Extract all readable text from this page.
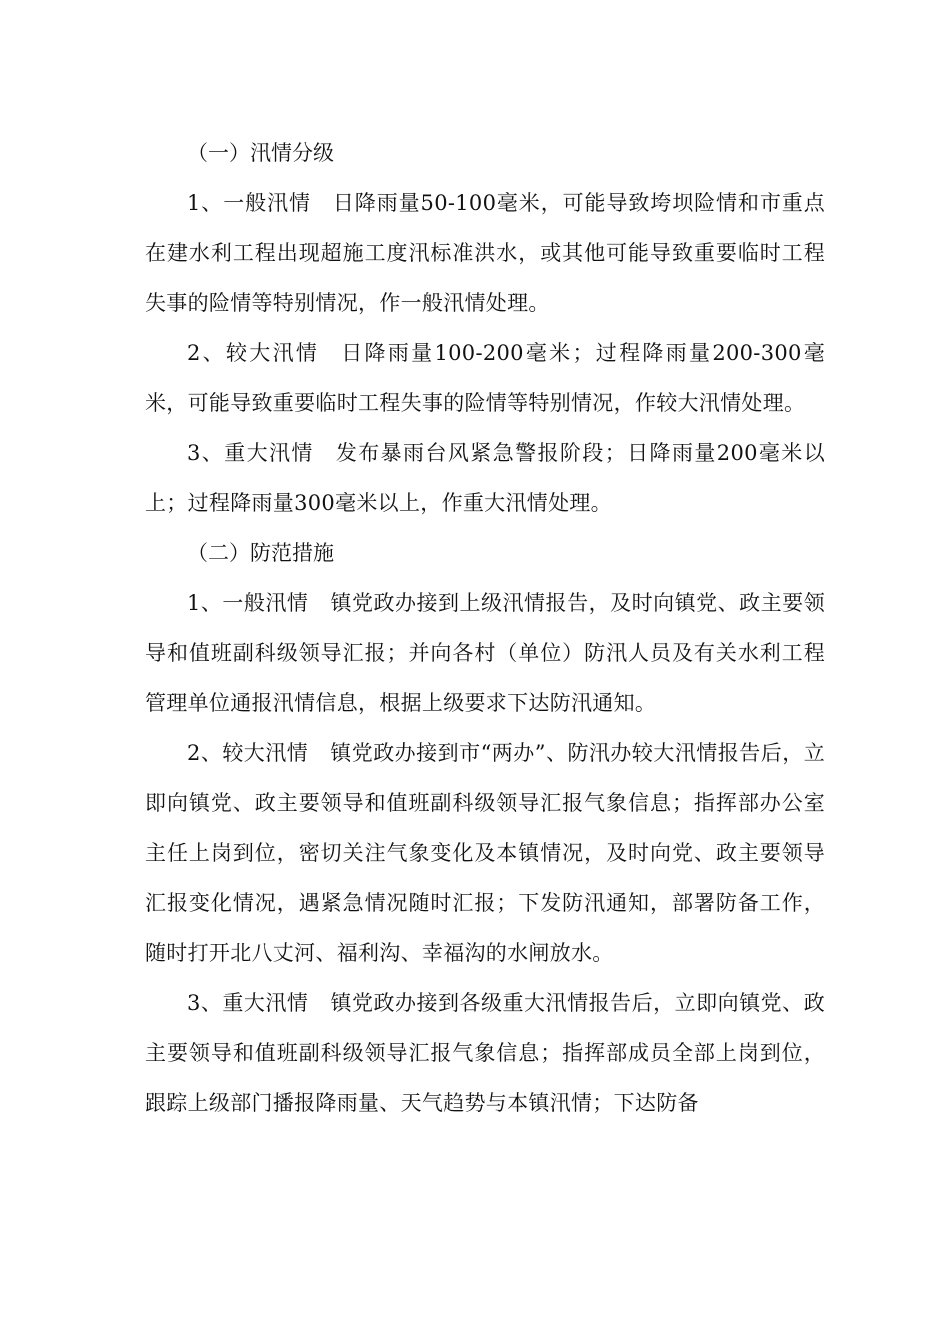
（一）汛情分级

1、一般汛情 日降雨量50-100毫米，可能导致垮坝险情和市重点在建水利工程出现超施工度汛标准洪水，或其他可能导致重要临时工程失事的险情等特别情况，作一般汛情处理。

2、较大汛情 日降雨量100-200毫米；过程降雨量200-300毫米，可能导致重要临时工程失事的险情等特别情况，作较大汛情处理。

3、重大汛情 发布暴雨台风紧急警报阶段；日降雨量200毫米以上；过程降雨量300毫米以上，作重大汛情处理。

（二）防范措施

1、一般汛情 镇党政办接到上级汛情报告，及时向镇党、政主要领导和值班副科级领导汇报；并向各村（单位）防汛人员及有关水利工程管理单位通报汛情信息，根据上级要求下达防汛通知。

2、较大汛情 镇党政办接到市“两办”、防汛办较大汛情报告后，立即向镇党、政主要领导和值班副科级领导汇报气象信息；指挥部办公室主任上岗到位，密切关注气象变化及本镇情况，及时向党、政主要领导汇报变化情况，遇紧急情况随时汇报；下发防汛通知，部署防备工作，随时打开北八丈河、福利沟、幸福沟的水闸放水。

3、重大汛情 镇党政办接到各级重大汛情报告后，立即向镇党、政主要领导和值班副科级领导汇报气象信息；指挥部成员全部上岗到位，跟踪上级部门播报降雨量、天气趋势与本镇汛情；下达防备
